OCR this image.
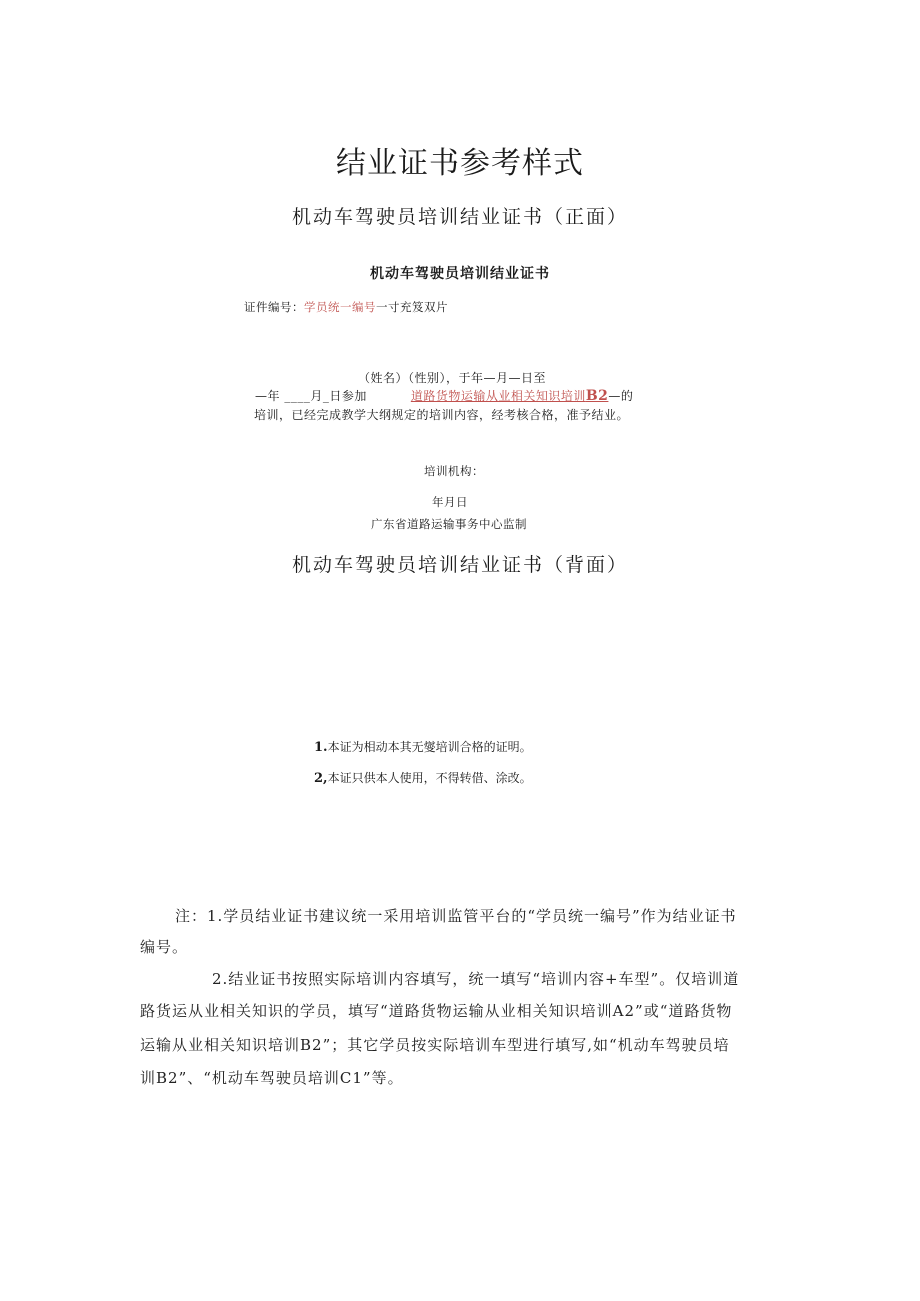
结业证书参考样式
机动车驾驶员培训结业证书（正面）
机动车驾驶员培训结业证书
证件编号：学员统一编号一寸充笈双片
（姓名）（性别），于年—月—日至
—年 ____月_日参加	道路货物运输从业相关知识培训B2—的
培训，已经完成教学大纲规定的培训内容，经考核合格，准予结业。
培训机构：
年月日
广东省道路运输事务中心监制
机动车驾驶员培训结业证书（背面）
1.本证为相动本其无燮培训合格的证明。
2,本证只供本人使用，不得转借、涂改。
注：1.学员结业证书建议统一采用培训监管平台的“学员统一编号”作为结业证书
编号。
2.结业证书按照实际培训内容填写，统一填写“培训内容+车型”。仅培训道
路货运从业相关知识的学员，填写“道路货物运输从业相关知识培训A2”或“道路货物
运输从业相关知识培训B2”；其它学员按实际培训车型进行填写,如“机动车驾驶员培
训B2”、“机动车驾驶员培训C1”等。
